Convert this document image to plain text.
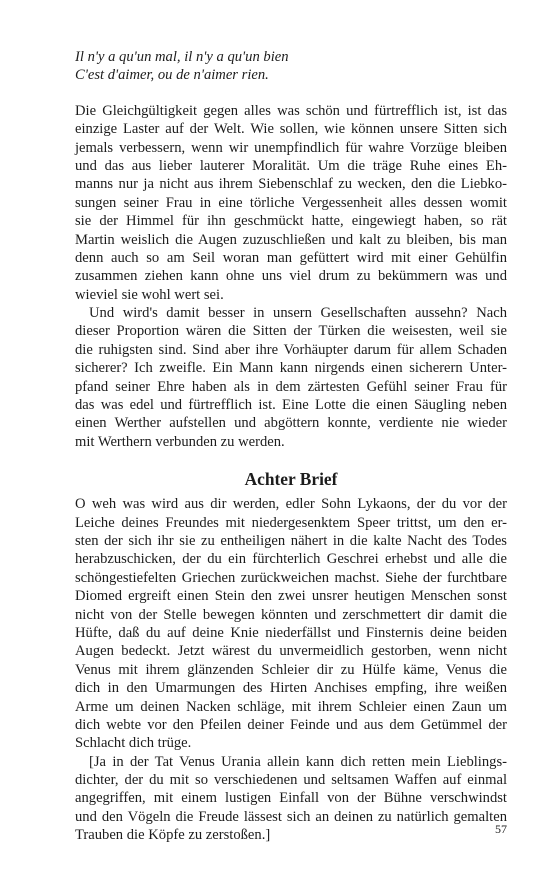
Il n'y a qu'un mal, il n'y a qu'un bien
C'est d'aimer, ou de n'aimer rien.
Die Gleichgültigkeit gegen alles was schön und fürtrefflich ist, ist das
einzige Laster auf der Welt. Wie sollen, wie können unsere Sitten sich
jemals verbessern, wenn wir unempfindlich für wahre Vorzüge bleiben
und das aus lieber lauterer Moralität. Um die träge Ruhe eines Eh-
manns nur ja nicht aus ihrem Siebenschlaf zu wecken, den die Liebko-
sungen seiner Frau in eine törliche Vergessenheit alles dessen womit
sie der Himmel für ihn geschmückt hatte, eingewiegt haben, so rät
Martin weislich die Augen zuzuschließen und kalt zu bleiben, bis man
denn auch so am Seil woran man gefüttert wird mit einer Gehülfin
zusammen ziehen kann ohne uns viel drum zu bekümmern was und
wieviel sie wohl wert sei.
Und wird's damit besser in unsern Gesellschaften aussehn? Nach
dieser Proportion wären die Sitten der Türken die weisesten, weil sie
die ruhigsten sind. Sind aber ihre Vorhäupter darum für allem Schaden
sicherer? Ich zweifle. Ein Mann kann nirgends einen sicherern Unter-
pfand seiner Ehre haben als in dem zärtesten Gefühl seiner Frau für
das was edel und fürtrefflich ist. Eine Lotte die einen Säugling neben
einen Werther aufstellen und abgöttern konnte, verdiente nie wieder
mit Werthern verbunden zu werden.
Achter Brief
O weh was wird aus dir werden, edler Sohn Lykaons, der du vor der
Leiche deines Freundes mit niedergesenktem Speer trittst, um den er-
sten der sich ihr sie zu entheiligen nähert in die kalte Nacht des Todes
herabzuschicken, der du ein fürchterlich Geschrei erhebst und alle die
schöngestiefelten Griechen zurückweichen machst. Siehe der furchtbare
Diomed ergreift einen Stein den zwei unsrer heutigen Menschen sonst
nicht von der Stelle bewegen könnten und zerschmettert dir damit die
Hüfte, daß du auf deine Knie niederfällst und Finsternis deine beiden
Augen bedeckt. Jetzt wärest du unvermeidlich gestorben, wenn nicht
Venus mit ihrem glänzenden Schleier dir zu Hülfe käme, Venus die
dich in den Umarmungen des Hirten Anchises empfing, ihre weißen
Arme um deinen Nacken schläge, mit ihrem Schleier einen Zaun um
dich webte vor den Pfeilen deiner Feinde und aus dem Getümmel der
Schlacht dich trüge.
[Ja in der Tat Venus Urania allein kann dich retten mein Lieblings-
dichter, der du mit so verschiedenen und seltsamen Waffen auf einmal
angegriffen, mit einem lustigen Einfall von der Bühne verschwindst
und den Vögeln die Freude lässest sich an deinen zu natürlich gemalten
Trauben die Köpfe zu zerstoßen.]	57
